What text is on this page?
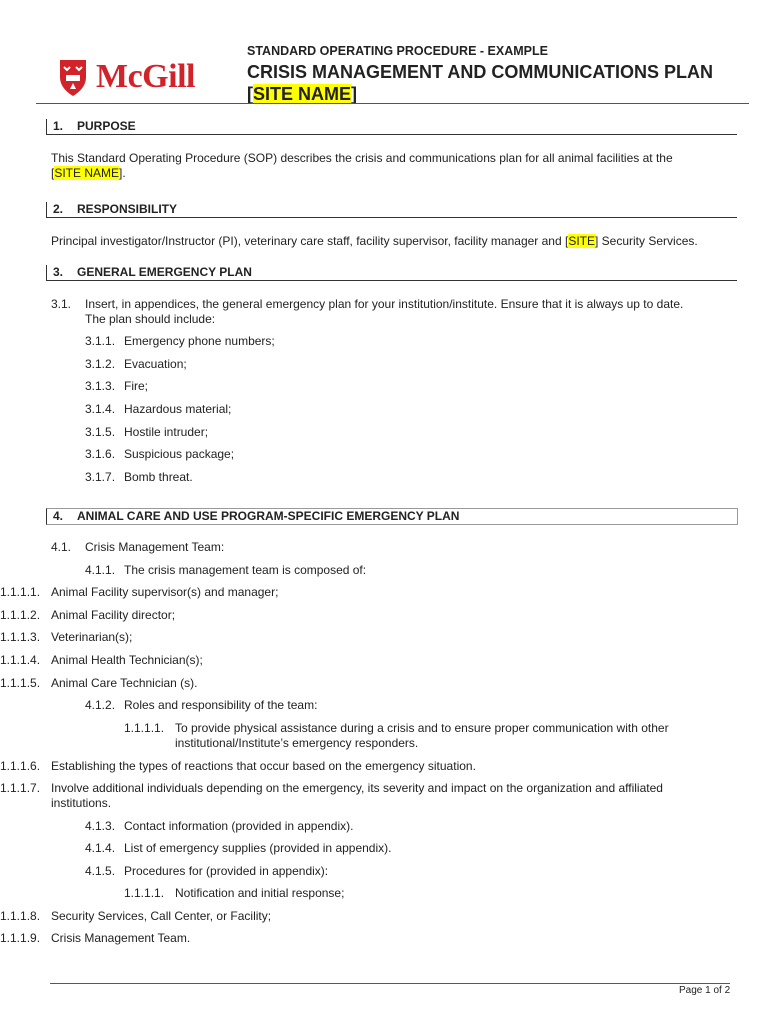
McGill
STANDARD OPERATING PROCEDURE - EXAMPLE
CRISIS MANAGEMENT AND COMMUNICATIONS PLAN
[SITE NAME]
1. PURPOSE
This Standard Operating Procedure (SOP) describes the crisis and communications plan for all animal facilities at the
[SITE NAME].
2. RESPONSIBILITY
Principal investigator/Instructor (PI), veterinary care staff, facility supervisor, facility manager and [SITE] Security Services.
3. GENERAL EMERGENCY PLAN
3.1. Insert, in appendices, the general emergency plan for your institution/institute. Ensure that it is always up to date.
The plan should include:
3.1.1. Emergency phone numbers;
3.1.2. Evacuation;
3.1.3. Fire;
3.1.4. Hazardous material;
3.1.5. Hostile intruder;
3.1.6. Suspicious package;
3.1.7. Bomb threat.
4. ANIMAL CARE AND USE PROGRAM-SPECIFIC EMERGENCY PLAN
4.1. Crisis Management Team:
4.1.1. The crisis management team is composed of:
1.1.1.1. Animal Facility supervisor(s) and manager;
1.1.1.2. Animal Facility director;
1.1.1.3. Veterinarian(s);
1.1.1.4. Animal Health Technician(s);
1.1.1.5. Animal Care Technician (s).
4.1.2. Roles and responsibility of the team:
1.1.1.1. To provide physical assistance during a crisis and to ensure proper communication with other
institutional/Institute’s emergency responders.
1.1.1.6. Establishing the types of reactions that occur based on the emergency situation.
1.1.1.7. Involve additional individuals depending on the emergency, its severity and impact on the organization and affiliated
institutions.
4.1.3. Contact information (provided in appendix).
4.1.4. List of emergency supplies (provided in appendix).
4.1.5. Procedures for (provided in appendix):
1.1.1.1. Notification and initial response;
1.1.1.8. Security Services, Call Center, or Facility;
1.1.1.9. Crisis Management Team.
Page 1 of 2
